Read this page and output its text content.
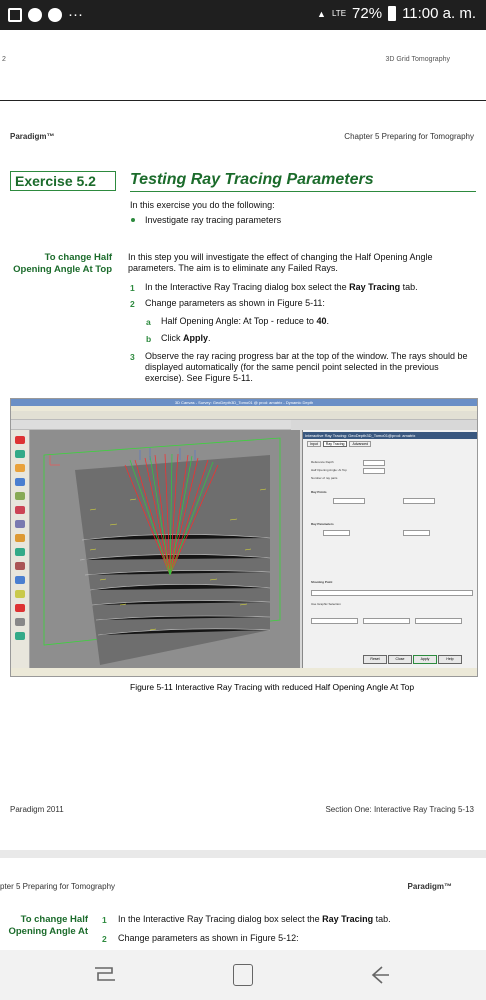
···	▲ LTE 72% 11:00 a. m.
2	3D Grid Tomography
Paradigm™	Chapter 5 Preparing for Tomography
Exercise 5.2	Testing Ray Tracing Parameters
In this exercise you do the following:
Investigate ray tracing parameters
To change Half Opening Angle At Top
In this step you will investigate the effect of changing the Half Opening Angle parameters. The aim is to eliminate any Failed Rays.
1 In the Interactive Ray Tracing dialog box select the Ray Tracing tab.
2 Change parameters as shown in Figure 5-11:
a Half Opening Angle: At Top - reduce to 40.
b Click Apply.
3 Observe the ray racing progress bar at the top of the window. The rays should be displayed automatically (for the same pencil point selected in the previous exercise). See Figure 5-11.
3D Canvas - Survey: GeoDepth3D_Tomo01 @ prod: amatrix - Dynamic Depth
Interactive Ray Tracing: GeoDepth3D_Tomo01@prod: amatrix
Input	Ray Tracing	Advanced
Reference Depth
Half Opening Angle: At Top
Number of ray pairs
Ray Points
Ray Parameters
Shooting Point
Use Graphic Selection
Reset	Close	Apply	Help
Figure 5-11 Interactive Ray Tracing with reduced Half Opening Angle At Top
Paradigm 2011	Section One: Interactive Ray Tracing 5-13
pter 5 Preparing for Tomography	Paradigm™
To change Half Opening Angle At
1 In the Interactive Ray Tracing dialog box select the Ray Tracing tab.
2 Change parameters as shown in Figure 5-12:
